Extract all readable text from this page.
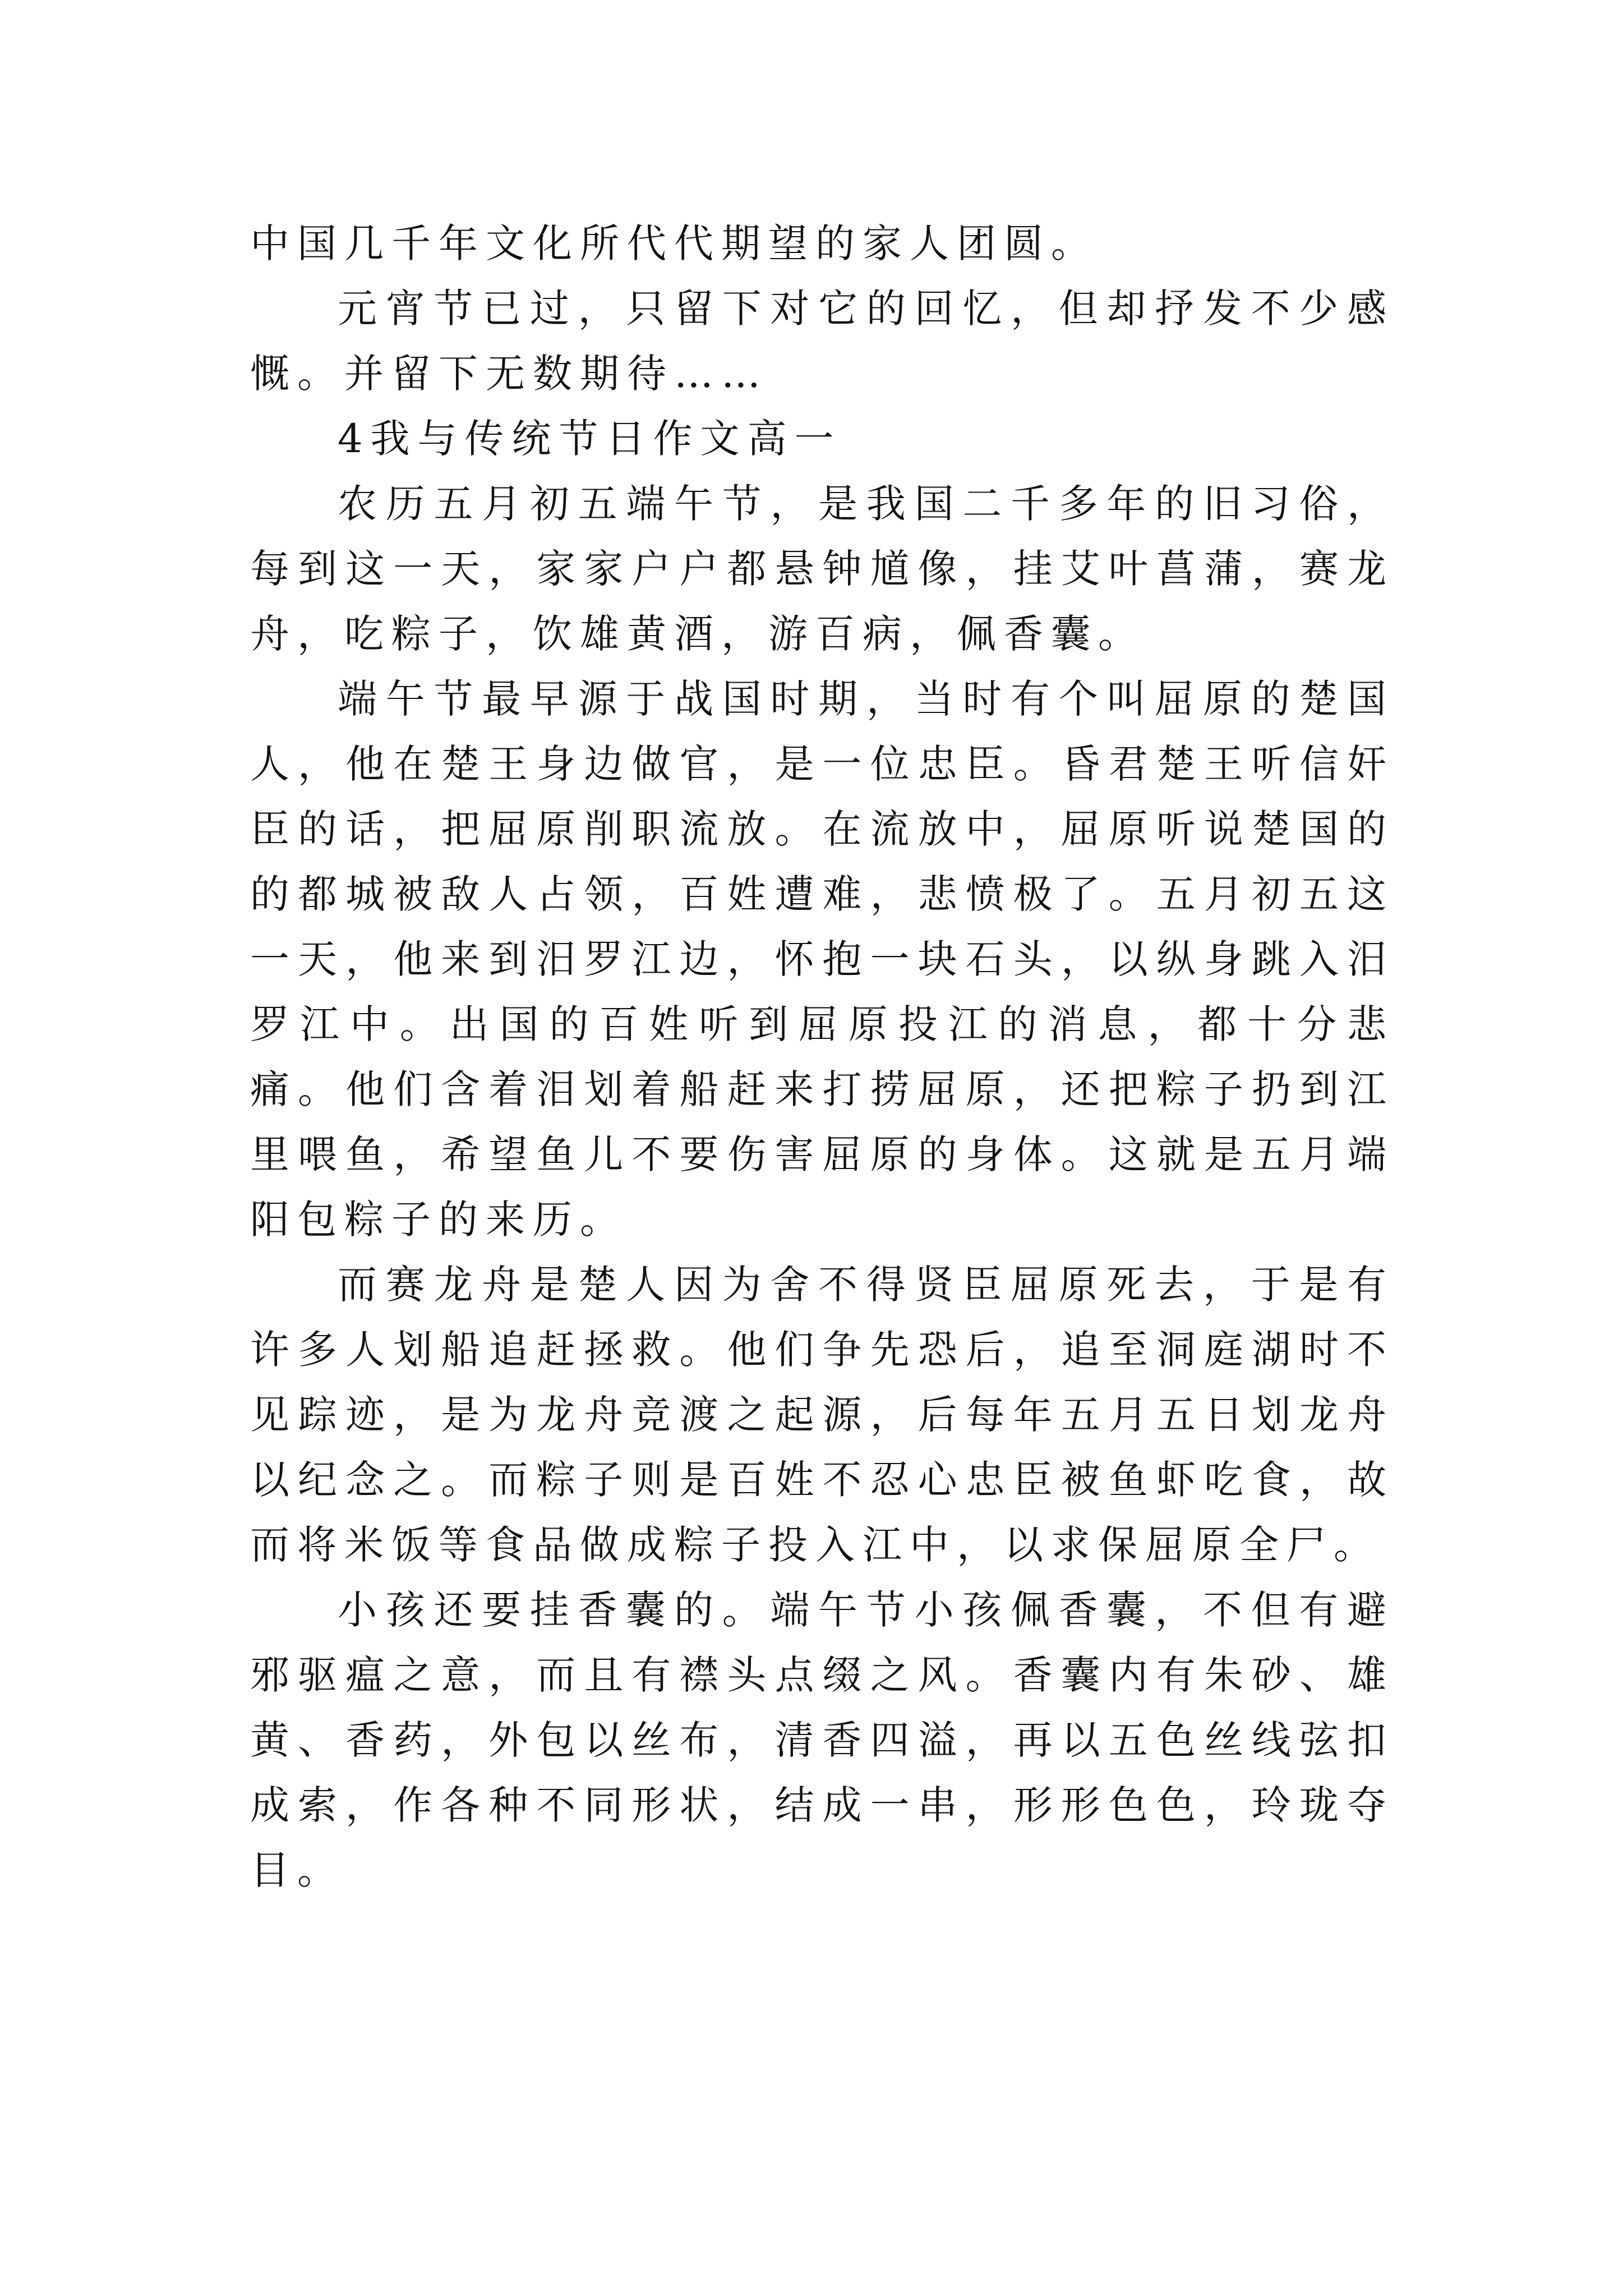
中国几千年文化所代代期望的家人团圆。

元宵节已过，只留下对它的回忆，但却抒发不少感慨。并留下无数期待……

4我与传统节日作文高一

农历五月初五端午节，是我国二千多年的旧习俗，每到这一天，家家户户都悬钟馗像，挂艾叶菖蒲，赛龙舟，吃粽子，饮雄黄酒，游百病，佩香囊。

端午节最早源于战国时期，当时有个叫屈原的楚国人，他在楚王身边做官，是一位忠臣。昏君楚王听信奸臣的话，把屈原削职流放。在流放中，屈原听说楚国的的都城被敌人占领，百姓遭难，悲愤极了。五月初五这一天，他来到汨罗江边，怀抱一块石头，以纵身跳入汨罗江中。出国的百姓听到屈原投江的消息，都十分悲痛。他们含着泪划着船赶来打捞屈原，还把粽子扔到江里喂鱼，希望鱼儿不要伤害屈原的身体。这就是五月端阳包粽子的来历。

而赛龙舟是楚人因为舍不得贤臣屈原死去，于是有许多人划船追赶拯救。他们争先恐后，追至洞庭湖时不见踪迹，是为龙舟竞渡之起源，后每年五月五日划龙舟以纪念之。而粽子则是百姓不忍心忠臣被鱼虾吃食，故而将米饭等食品做成粽子投入江中，以求保屈原全尸。

小孩还要挂香囊的。端午节小孩佩香囊，不但有避邪驱瘟之意，而且有襟头点缀之风。香囊内有朱砂、雄黄、香药，外包以丝布，清香四溢，再以五色丝线弦扣成索，作各种不同形状，结成一串，形形色色，玲珑夺目。
